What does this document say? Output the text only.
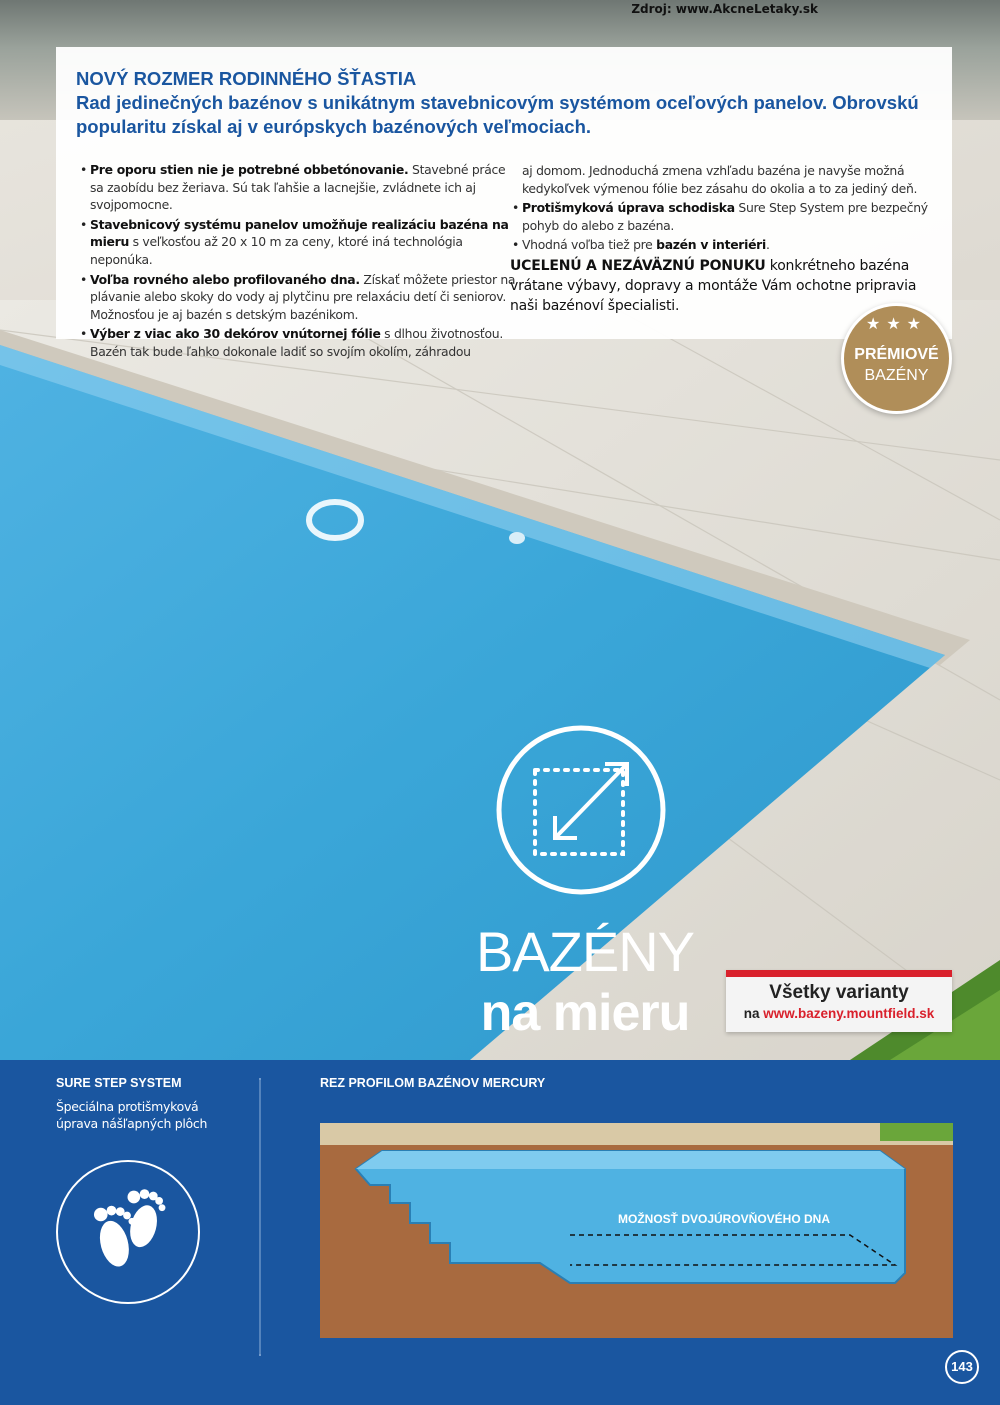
Zdroj: www.AkcneLetaky.sk
NOVÝ ROZMER RODINNÉHO ŠŤASTIA
Rad jedinečných bazénov s unikátnym stavebnicovým systémom oceľových panelov. Obrovskú popularitu získal aj v európskych bazénových veľmociach.
• Pre oporu stien nie je potrebné obbetónovanie. Stavebné práce sa zaobídu bez žeriava. Sú tak ľahšie a lacnejšie, zvládnete ich aj svojpomocne.
• Stavebnicový systému panelov umožňuje realizáciu bazéna na mieru s veľkosťou až 20 x 10 m za ceny, ktoré iná technológia neponúka.
• Voľba rovného alebo profilovaného dna. Získať môžete priestor na plávanie alebo skoky do vody aj plytčinu pre relaxáciu detí či seniorov. Možnosťou je aj bazén s detským bazénikom.
• Výber z viac ako 30 dekórov vnútornej fólie s dlhou životnosťou. Bazén tak bude ľahko dokonale ladiť so svojím okolím, záhradou
aj domom. Jednoduchá zmena vzhľadu bazéna je navyše možná kedykoľvek výmenou fólie bez zásahu do okolia a to za jediný deň.
• Protišmyková úprava schodiska Sure Step System pre bezpečný pohyb do alebo z bazéna.
• Vhodná voľba tiež pre bazén v interiéri.
UCELENÚ A NEZÁVÄZNÚ PONUKU konkrétneho bazéna vrátane výbavy, dopravy a montáže Vám ochotne pripravia naši bazénoví špecialisti.
★★★
PRÉMIOVÉ
BAZÉNY
BAZÉNY
na mieru	Všetky varianty
na www.bazeny.mountfield.sk
SURE STEP SYSTEM
Špeciálna protišmyková úprava nášľapných plôch
REZ PROFILOM BAZÉNOV MERCURY
MOŽNOSŤ DVOJÚROVŇOVÉHO DNA
143
